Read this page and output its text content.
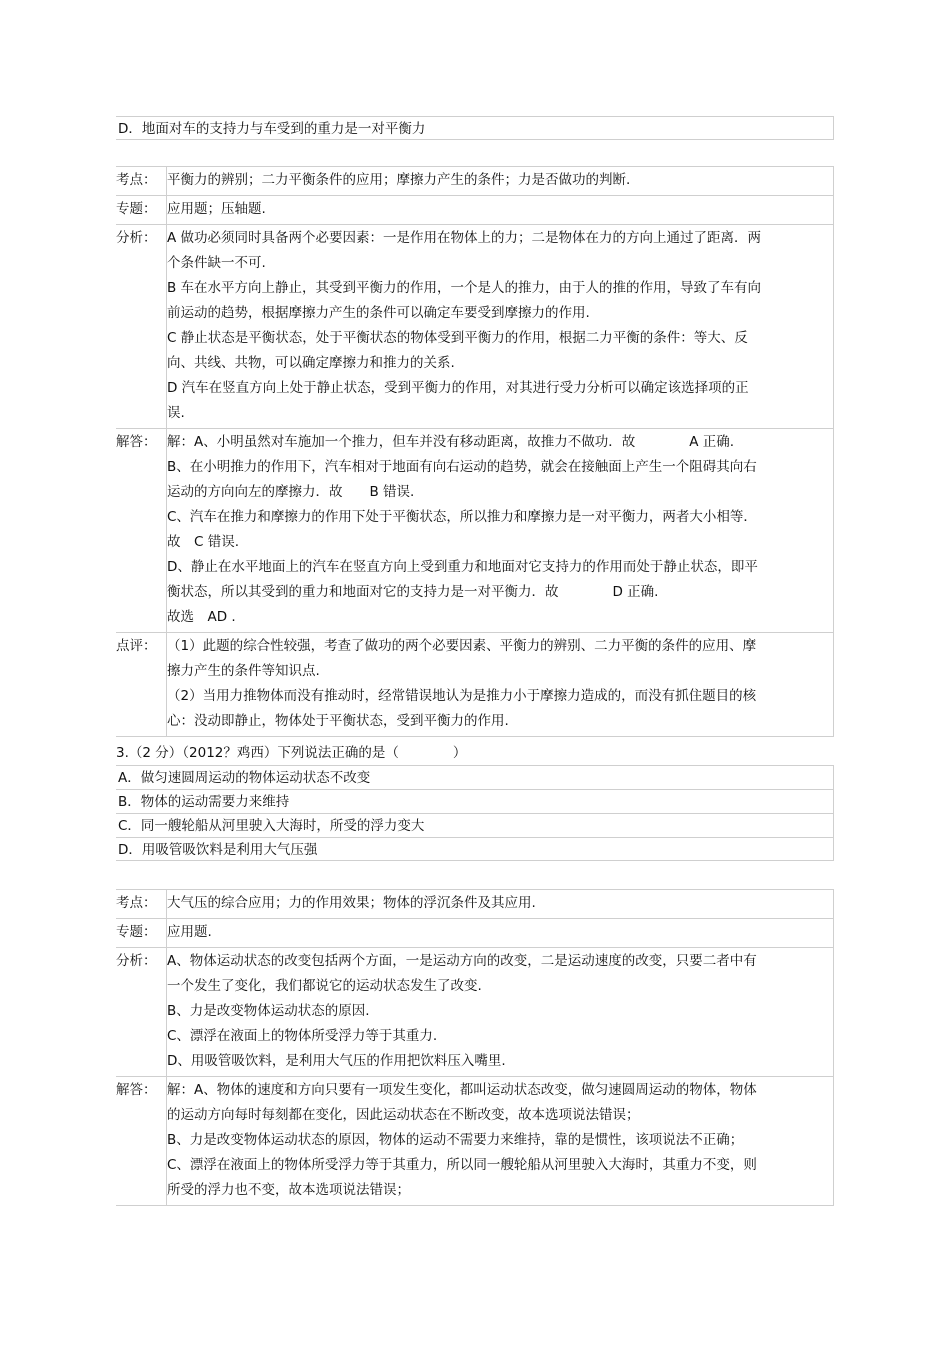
D．地面对车的支持力与车受到的重力是一对平衡力
考点： 平衡力的辨别；二力平衡条件的应用；摩擦力产生的条件；力是否做功的判断.

专题： 应用题；压轴题.

分析： A 做功必须同时具备两个必要因素：一是作用在物体上的力；二是物体在力的方向上通过了距离．两个条件缺一不可.

B 车在水平方向上静止，其受到平衡力的作用，一个是人的推力，由于人的推的作用，导致了车有向前运动的趋势，根据摩擦力产生的条件可以确定车要受到摩擦力的作用.

C 静止状态是平衡状态，处于平衡状态的物体受到平衡力的作用，根据二力平衡的条件：等大、反向、共线、共物，可以确定摩擦力和推力的关系.

D 汽车在竖直方向上处于静止状态，受到平衡力的作用，对其进行受力分析可以确定该选择项的正误.

解答： 解：A、小明虽然对车施加一个推力，但车并没有移动距离，故推力不做功．故　　　　A 正确.

B、在小明推力的作用下，汽车相对于地面有向右运动的趋势，就会在接触面上产生一个阻碍其向右运动的方向向左的摩擦力．故　　B 错误.

C、汽车在推力和摩擦力的作用下处于平衡状态，所以推力和摩擦力是一对平衡力，两者大小相等．故　C 错误.

D、静止在水平地面上的汽车在竖直方向上受到重力和地面对它支持力的作用而处于静止状态，即平衡状态，所以其受到的重力和地面对它的支持力是一对平衡力．故　　　　D 正确.

故选　AD .

点评： （1）此题的综合性较强，考查了做功的两个必要因素、平衡力的辨别、二力平衡的条件的应用、摩擦力产生的条件等知识点.

（2）当用力推物体而没有推动时，经常错误地认为是推力小于摩擦力造成的，而没有抓住题目的核心：没动即静止，物体处于平衡状态，受到平衡力的作用.

3.（2 分）（2012？鸡西）下列说法正确的是（　　　　）
A．做匀速圆周运动的物体运动状态不改变
B．物体的运动需要力来维持
C．同一艘轮船从河里驶入大海时，所受的浮力变大
D．用吸管吸饮料是利用大气压强
考点： 大气压的综合应用；力的作用效果；物体的浮沉条件及其应用.

专题： 应用题.

分析： A、物体运动状态的改变包括两个方面，一是运动方向的改变，二是运动速度的改变，只要二者中有一个发生了变化，我们都说它的运动状态发生了改变.

B、力是改变物体运动状态的原因.

C、漂浮在液面上的物体所受浮力等于其重力.

D、用吸管吸饮料，是利用大气压的作用把饮料压入嘴里.

解答： 解：A、物体的速度和方向只要有一项发生变化，都叫运动状态改变，做匀速圆周运动的物体，物体的运动方向每时每刻都在变化，因此运动状态在不断改变，故本选项说法错误；

B、力是改变物体运动状态的原因，物体的运动不需要力来维持，靠的是惯性，该项说法不正确；

C、漂浮在液面上的物体所受浮力等于其重力，所以同一艘轮船从河里驶入大海时，其重力不变，则所受的浮力也不变，故本选项说法错误；
